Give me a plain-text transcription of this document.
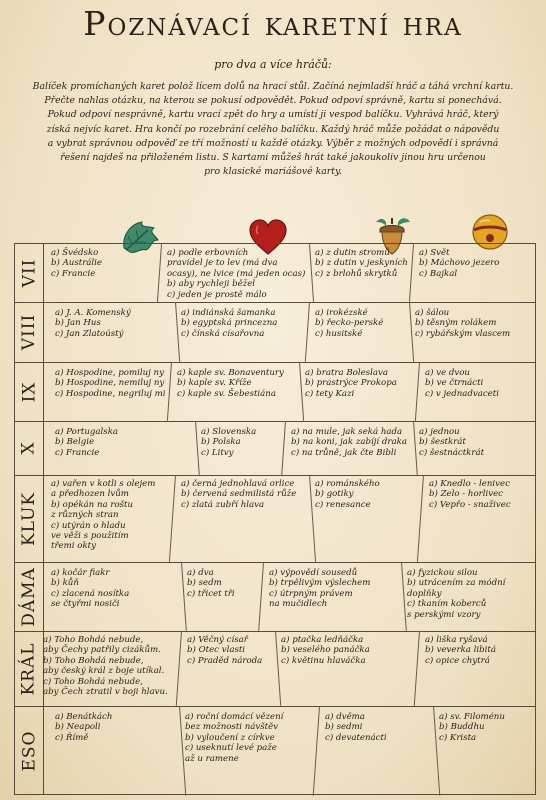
Poznávací karetní hra
pro dva a více hráčů:
Balíček promíchaných karet polož lícem dolů na hrací stůl. Začíná nejmladší hráč a táhá vrchní kartu.
Přečte nahlas otázku, na kterou se pokusí odpovědět. Pokud odpoví správně, kartu si ponechává.
Pokud odpoví nesprávně, kartu vrací zpět do hry a umístí ji vespod balíčku. Vyhrává hráč, který
získá nejvíc karet. Hra končí po rozebrání celého balíčku. Každý hráč může požádat o nápovědu
a vybrat správnou odpověď ze tří možností u každé otázky. Výběr z možných odpovědí i správná
řešení najdeš na přiloženém listu. S kartami můžeš hrát také jakoukoliv jinou hru určenou
pro klasické mariášové karty.
VII
a) Švédsko
b) Austrálie
c) Francie
a) podle erbovních
pravidel je to lev (má dva
ocasy), ne lvice (má jeden ocas)
b) aby rychleji běžel
c) jeden je prostě málo
a) z dutin stromů
b) z dutin v jeskyních
c) z brlohů skrytků
a) Svět
b) Máchovo jezero
c) Bajkal
VIII
a) J. A. Komenský
b) Jan Hus
c) Jan Zlatoústý
a) indiánská šamanka
b) egyptská princezna
c) čínská císařovna
a) irokézské
b) řecko-perské
c) husitské
a) šálou
b) těsným rolákem
c) rybářským vlascem
IX
a) Hospodine, pomiluj ny
b) Hospodine, nemiluj ny
c) Hospodine, negriluj mi
a) kaple sv. Bonaventury
b) kaple sv. Kříže
c) kaple sv. Šebestiána
a) bratra Boleslava
b) prastrýce Prokopa
c) tety Kazi
a) ve dvou
b) ve čtrnácti
c) v jednadvaceti
X
a) Portugalska
b) Belgie
c) Francie
a) Slovenska
b) Polska
c) Litvy
a) na mule, jak seká hada
b) na koni, jak zabíjí draka
c) na trůně, jak čte Bibli
a) jednou
b) šestkrát
c) šestnáctkrát
KLUK
a) vařen v kotli s olejem
a předhozen lvům
b) opékán na roštu
z různých stran
c) utýrán o hladu
ve věži s použitím
třemi okty
a) černá jednohlavá orlice
b) červená sedmilistá růže
c) zlatá zubří hlava
a) románského
b) gotiky
c) renesance
a) Knedlo - lenivec
b) Zelo - horlivec
c) Vepřo - snaživec
DÁMA a) kočár fiakr
b) kůň
c) zlacená nosítka
se čtyřmi nosiči
a) dva
b) sedm
c) třicet tři
a) výpovědí sousedů
b) trpělivým výslechem
c) útrpným právem
na mučidlech
a) fyzickou silou
b) utrácením za módní
doplňky
c) tkaním koberců
s perskými vzory
KRÁL
a) Toho Bohdá nebude,
aby Čechy patřily cizákům.
b) Toho Bohdá nebude,
aby český král z boje utíkal.
c) Toho Bohdá nebude,
aby Čech ztratil v boji hlavu.
a) Věčný císař
b) Otec vlasti
c) Praděd národa
a) ptačka ledňáčka
b) veselého panáčka
c) květinu hlaváčka
a) liška ryšavá
b) veverka libitá
c) opice chytrá
ESO
a) Benátkách
b) Neapoli
c) Římě
a) roční domácí vězení
bez možnosti návštěv
b) vyloučení z církve
c) useknutí levé paže
až u ramene
a) dvěma
b) sedmi
c) devatenácti
a) sv. Filoménu
b) Buddhu
c) Krista
